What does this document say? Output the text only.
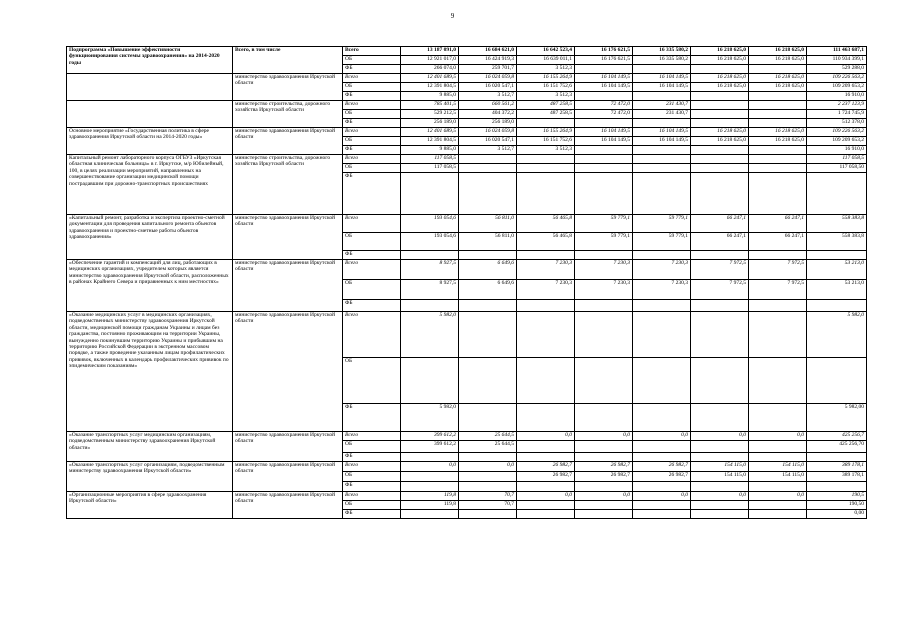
9
Подпрограмма «Повышение эффективности функционирования системы здравоохранения» на 2014-2020 годы	Всего, в том числе	Всего	13 187 091,0	16 684 621,0	16 642 523,4	16 176 621,5	16 335 580,2	16 218 625,0	16 218 625,0	111 463 687,1
		ОБ	12 921 017,0	16 424 919,3	16 639 011,1	16 176 621,5	16 335 580,2	16 218 625,0	16 218 625,0	110 934 399,1
		ФБ	266 074,0	259 701,7	3 512,3					529 288,0
	министерство здравоохранения Иркутской области	Всего	12 401 689,5	16 024 059,8	16 155 264,9	16 104 149,5	16 104 149,5	16 218 625,0	16 218 625,0	109 226 563,2
		ОБ	12 391 804,5	16 020 547,1	16 151 752,6	16 104 149,5	16 104 149,5	16 218 625,0	16 218 625,0	109 209 653,2
		ФБ	9 885,0	3 512,7	3 512,3					16 910,0
	министерство строительства, дорожного хозяйства Иркутской области	Всего	785 401,5	660 561,2	487 258,5	72 472,0	231 430,7			2 237 123,9
		ОБ	529 212,5	404 372,2	487 258,5	72 472,0	231 430,7			1 724 745,9
		ФБ	256 189,0	256 189,0						512 378,0
Основное мероприятие «Государственная политика в сфере здравоохранения Иркутской области на 2014-2020 годы»	министерство здравоохранения Иркутской области	Всего	12 401 689,5	16 024 059,8	16 155 264,9	16 104 149,5	16 104 149,5	16 218 625,0	16 218 625,0	109 226 563,2
		ОБ	12 391 804,5	16 020 547,1	16 151 752,6	16 104 149,5	16 104 149,5	16 218 625,0	16 218 625,0	109 209 653,2
		ФБ	9 885,0	3 512,7	3 512,3					16 910,0
Капитальный ремонт лабораторного корпуса ОГБУЗ «Иркутская областная клиническая больница» в г. Иркутске, м/р Юбилейный, 100, в целях реализации мероприятий, направленных на совершенствование организации медицинской помощи пострадавшим при дорожно-транспортных происшествиях	министерство строительства, дорожного хозяйства Иркутской области	Всего	117 058,5							117 058,5
		ОБ	117 058,5							117 058,50
		ФБ								
«Капитальный ремонт, разработка и экспертиза проектно-сметной документации для проведения капитального ремонта объектов здравоохранения и проектно-сметные работы объектов здравоохранения»	министерство здравоохранения Иркутской области	Всего	193 054,6	56 811,0	56 465,8	59 779,1	59 779,1	66 247,1	66 247,1	558 383,8
		ОБ	193 054,6	56 811,0	56 465,8	59 779,1	59 779,1	66 247,1	66 247,1	558 383,8
		ФБ								
«Обеспечение гарантий и компенсаций для лиц, работающих в медицинских организациях, учредителем которых является министерство здравоохранения Иркутской области, расположенных в районах Крайнего Севера и приравненных к ним местностях»	министерство здравоохранения Иркутской области	Всего	8 927,5	6 649,6	7 230,3	7 230,3	7 230,3	7 972,5	7 972,5	53 213,0
		ОБ	8 927,5	6 649,6	7 230,3	7 230,3	7 230,3	7 972,5	7 972,5	53 213,0
		ФБ								
«Оказание медицинских услуг в медицинских организациях, подведомственных министерству здравоохранения Иркутской области, медицинской помощи гражданам Украины и лицам без гражданства, постоянно проживающим на территории Украины, вынужденно покинувшим территорию Украины и прибывшим на территорию Российской Федерации в экстренном массовом порядке, а также проведение указанным лицам профилактических прививок, включенных в календарь профилактических прививок по эпидемическим показаниям»	министерство здравоохранения Иркутской области	Всего	5 982,0							5 982,0
		ОБ								
		ФБ	5 982,0							5 982,00
«Оказание транспортных услуг медицинским организациям, подведомственным министерству здравоохранения Иркутской области»	министерство здравоохранения Иркутской области	Всего	399 612,2	25 644,5	0,0	0,0	0,0	0,0	0,0	425 256,7
		ОБ	399 612,2	25 644,5						425 256,70
		ФБ								
«Оказание транспортных услуг организациям, подведомственным министерству здравоохранения Иркутской области»	министерство здравоохранения Иркутской области	Всего	0,0	0,0	26 982,7	26 982,7	26 982,7	154 115,0	154 115,0	389 178,1
		ОБ			26 982,7	26 982,7	26 982,7	154 115,0	154 115,0	389 178,1
		ФБ								
«Организационные мероприятия в сфере здравоохранения Иркутской области»	министерство здравоохранения Иркутской области	Всего	119,8	70,7	0,0	0,0	0,0	0,0	0,0	190,5
		ОБ	119,8	70,7						190,50
		ФБ								0,00
